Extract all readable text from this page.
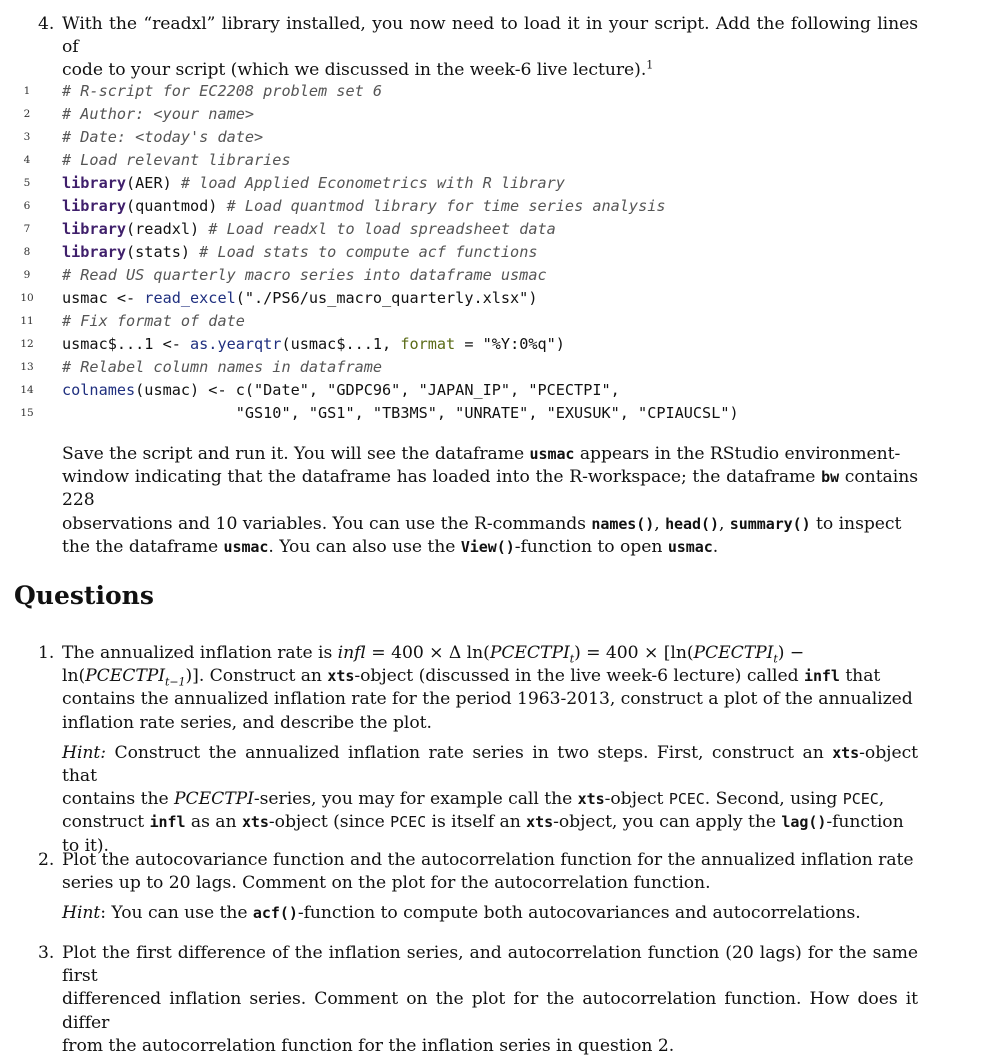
4. With the “readxl” library installed, you now need to load it in your script. Add the following lines of
code to your script (which we discussed in the week-6 live lecture).$^1$
1	# R-script for EC2208 problem set 6
2	# Author: <your name>
3	# Date: <today's date>
4	# Load relevant libraries
5	library(AER) # load Applied Econometrics with R library
6	library(quantmod) # Load quantmod library for time series analysis
7	library(readxl) # Load readxl to load spreadsheet data
8	library(stats) # Load stats to compute acf functions
9	# Read US quarterly macro series into dataframe usmac
10	usmac <- read_excel("./PS6/us_macro_quarterly.xlsx")
11	# Fix format of date
12	usmac$...1 <- as.yearqtr(usmac$...1, format = "%Y:0%q")
13	# Relabel column names in dataframe
14	colnames(usmac) <- c("Date", "GDPC96", "JAPAN_IP", "PCECTPI",
15	"GS10", "GS1", "TB3MS", "UNRATE", "EXUSUK", "CPIAUCSL")
Save the script and run it. You will see the dataframe usmac appears in the RStudio environment-
window indicating that the dataframe has loaded into the R-workspace; the dataframe bw contains 228
observations and 10 variables. You can use the R-commands names(), head(), summary() to inspect
the the dataframe usmac. You can also use the View()-function to open usmac.
Questions
1. The annualized inflation rate is infl = 400 × Δ $\ln(PCECTPI_t) = 400$ × [$\ln(PCECTPI_t)$ −
$\ln(PCECTPI_{t-1})$]. Construct an xts-object (discussed in the live week-6 lecture) called infl that
contains the annualized inflation rate for the period 1963-2013, construct a plot of the annualized
inflation rate series, and describe the plot.
Hint: Construct the annualized inflation rate series in two steps. First, construct an xts-object that
contains the PCECTPI-series, you may for example call the xts-object PCEC. Second, using PCEC,
construct infl as an xts-object (since PCEC is itself an xts-object, you can apply the lag()-function
to it).
2. Plot the autocovariance function and the autocorrelation function for the annualized inflation rate
series up to 20 lags. Comment on the plot for the autocorrelation function.
Hint: You can use the acf()-function to compute both autocovariances and autocorrelations.
3. Plot the first difference of the inflation series, and autocorrelation function (20 lags) for the same first
differenced inflation series. Comment on the plot for the autocorrelation function. How does it differ
from the autocorrelation function for the inflation series in question 2.
